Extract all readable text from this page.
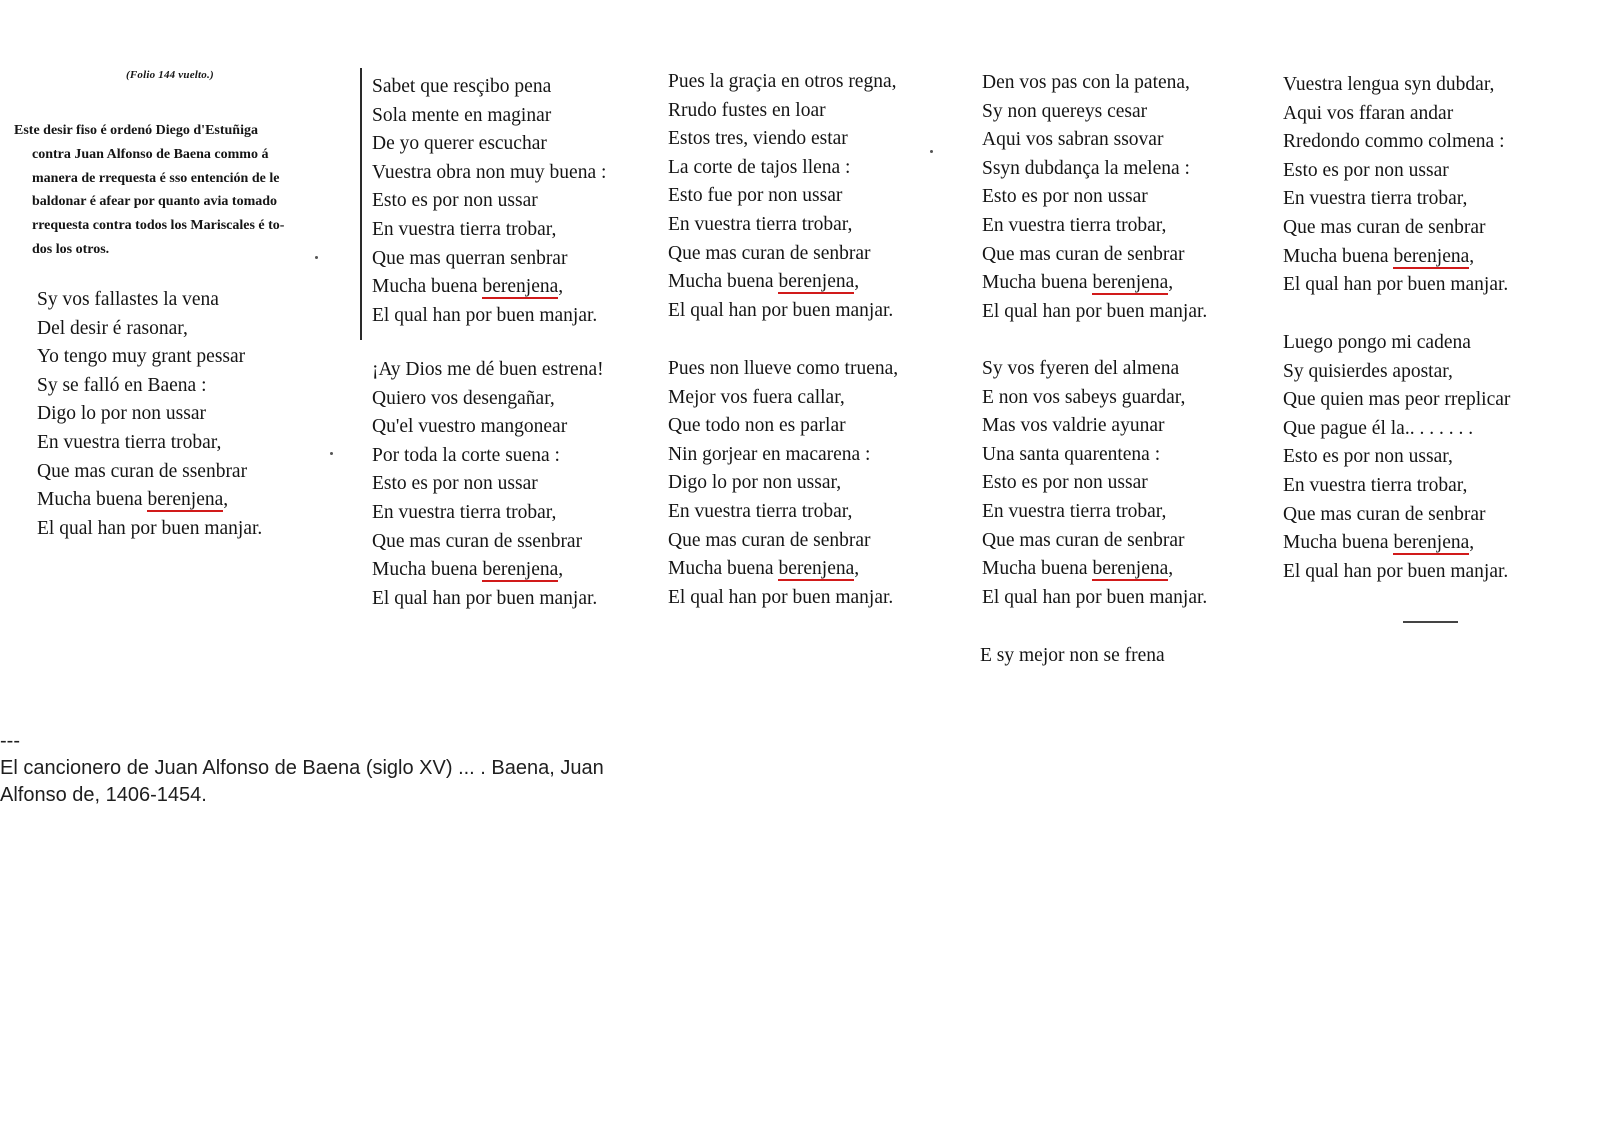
(Folio 144 vuelto.)
Este desir fiso é ordenó Diego d'Estuñiga
contra Juan Alfonso de Baena commo á
manera de rrequesta é sso entención de le
baldonar é afear por quanto avia tomado
rrequesta contra todos los Mariscales é to-
dos los otros.
Sy vos fallastes la vena
Del desir é rasonar,
Yo tengo muy grant pessar
Sy se falló en Baena :
Digo lo por non ussar
En vuestra tierra trobar,
Que mas curan de ssenbrar
Mucha buena berenjena,
El qual han por buen manjar.
Sabet que resçibo pena
Sola mente en maginar
De yo querer escuchar
Vuestra obra non muy buena :
Esto es por non ussar
En vuestra tierra trobar,
Que mas querran senbrar
Mucha buena berenjena,
El qual han por buen manjar.
¡Ay Dios me dé buen estrena!
Quiero vos desengañar,
Qu'el vuestro mangonear
Por toda la corte suena :
Esto es por non ussar
En vuestra tierra trobar,
Que mas curan de ssenbrar
Mucha buena berenjena,
El qual han por buen manjar.
Pues la graçia en otros regna,
Rrudo fustes en loar
Estos tres, viendo estar
La corte de tajos llena :
Esto fue por non ussar
En vuestra tierra trobar,
Que mas curan de senbrar
Mucha buena berenjena,
El qual han por buen manjar.
Pues non llueve como truena,
Mejor vos fuera callar,
Que todo non es parlar
Nin gorjear en macarena :
Digo lo por non ussar,
En vuestra tierra trobar,
Que mas curan de senbrar
Mucha buena berenjena,
El qual han por buen manjar.
Den vos pas con la patena,
Sy non quereys cesar
Aqui vos sabran ssovar
Ssyn dubdança la melena :
Esto es por non ussar
En vuestra tierra trobar,
Que mas curan de senbrar
Mucha buena berenjena,
El qual han por buen manjar.
Sy vos fyeren del almena
E non vos sabeys guardar,
Mas vos valdrie ayunar
Una santa quarentena :
Esto es por non ussar
En vuestra tierra trobar,
Que mas curan de senbrar
Mucha buena berenjena,
El qual han por buen manjar.
E sy mejor non se frena
Vuestra lengua syn dubdar,
Aqui vos ffaran andar
Rredondo commo colmena :
Esto es por non ussar
En vuestra tierra trobar,
Que mas curan de senbrar
Mucha buena berenjena,
El qual han por buen manjar.
Luego pongo mi cadena
Sy quisierdes apostar,
Que quien mas peor rreplicar
Que pague él la.. . . . . . .
Esto es por non ussar,
En vuestra tierra trobar,
Que mas curan de senbrar
Mucha buena berenjena,
El qual han por buen manjar.
---
El cancionero de Juan Alfonso de Baena (siglo XV) ... . Baena, Juan
Alfonso de, 1406-1454.
